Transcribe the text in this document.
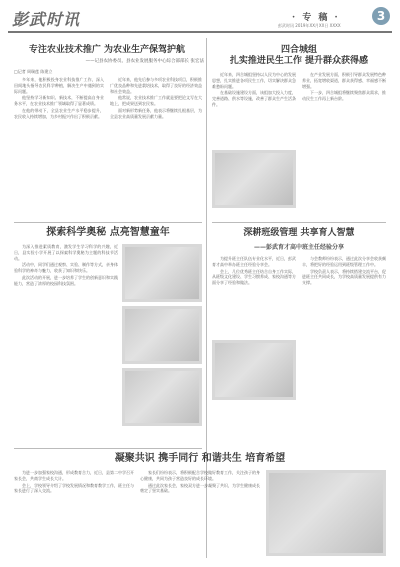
彭武时讯	· 专 稿 ·	3
彭武时讯 2019年XX月XX日 XXXX
专注农业技术推广 为农业生产保驾护航
——记县农协委员、县农业发展服务中心综合部部长 张宏法
□记者 周瑞莲 陈建立

多年来，他积极投身农业科技推广工作，深入田间地头指导农民科学种植，解决生产中遇到的实际问题。

他坚持学习新知识、新技术，不断提高自身业务水平，在农业技术推广领域取得了显著成绩。

在他的带动下，全县农业生产水平稳步提升，农民收入持续增加，为乡村振兴作出了积极贡献。

近年来，他先后参与多项农业科技项目，积极推广优良品种和先进栽培技术，取得了良好的经济效益和社会效益。

他常说，农业技术推广工作就是要把论文写在大地上，把成果送到农民家。

面对新形势新任务，他表示将继续扎根基层，为全县农业高质量发展贡献力量。

探索科学奥秘 点亮智慧童年

为深入推进素质教育，激发学生学习科学的兴趣，近日，县实验小学开展了以探索科学奥秘为主题的科技节活动。

活动中，同学们通过观察、实验、制作等方式，亲身体验科学的神奇与魅力，收获了知识和快乐。

此次活动的开展，进一步培养了学生的创新意识和实践能力，营造了浓厚的校园科技氛围。

凝聚共识 携手同行 和谐共生 培育希望

为进一步加强家校沟通，形成教育合力，近日，县第二中学召开家长会，共商学生成长大计。

会上，学校领导介绍了学校发展情况和教育教学工作，班主任与家长进行了深入交流。

家长们纷纷表示，将积极配合学校做好教育工作，关注孩子的身心健康，共同为孩子营造良好的成长环境。

通过此次家长会，家校双方进一步凝聚了共识，为学生健康成长奠定了坚实基础。

四合城组
扎实推进民生工作 提升群众获得感

近年来，四合城组坚持以人民为中心的发展思想，扎实推进各项民生工作，切实解决群众急难愁盼问题。

在基础设施建设方面，该组加大投入力度，完善道路、供水等设施，改善了群众生产生活条件。

在产业发展方面，积极引导群众发展特色种养业，拓宽增收渠道，群众获得感、幸福感不断增强。

下一步，四合城组将继续聚焦群众需求，推动民生工作再上新台阶。

深耕班级管理 共享育人智慧
——彭武育才高中班主任经验分享

为提升班主任队伍专业化水平，近日，彭武育才高中举办班主任经验分享会。

会上，几位优秀班主任结合自身工作实际，从班级文化建设、学生习惯养成、家校沟通等方面分享了经验和做法。

与会教师纷纷表示，通过此次分享会收获颇丰，将把好的经验运用到班级管理工作中。

学校负责人表示，将持续搭建交流平台，促进班主任共同成长，为学校高质量发展提供有力支撑。
